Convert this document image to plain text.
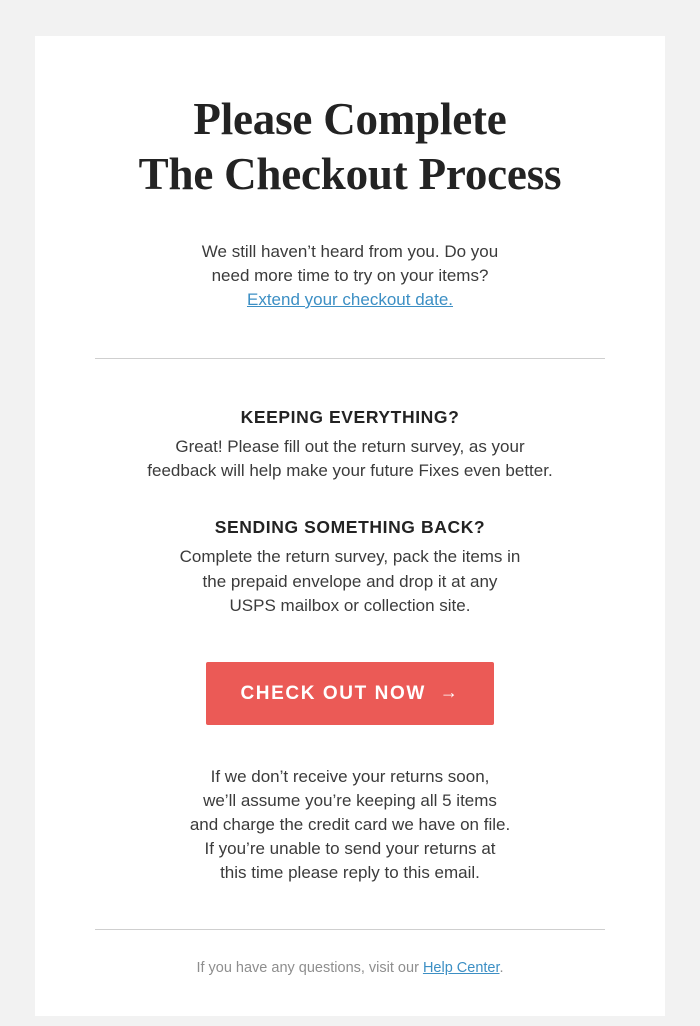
Please Complete
The Checkout Process

We still haven’t heard from you. Do you
need more time to try on your items?
Extend your checkout date.

KEEPING EVERYTHING?

Great! Please fill out the return survey, as your
feedback will help make your future Fixes even better.

SENDING SOMETHING BACK?

Complete the return survey, pack the items in
the prepaid envelope and drop it at any
USPS mailbox or collection site.

CHECK OUT NOW →

If we don’t receive your returns soon,
we’ll assume you’re keeping all 5 items
and charge the credit card we have on file.
If you’re unable to send your returns at
this time please reply to this email.

If you have any questions, visit our Help Center.
